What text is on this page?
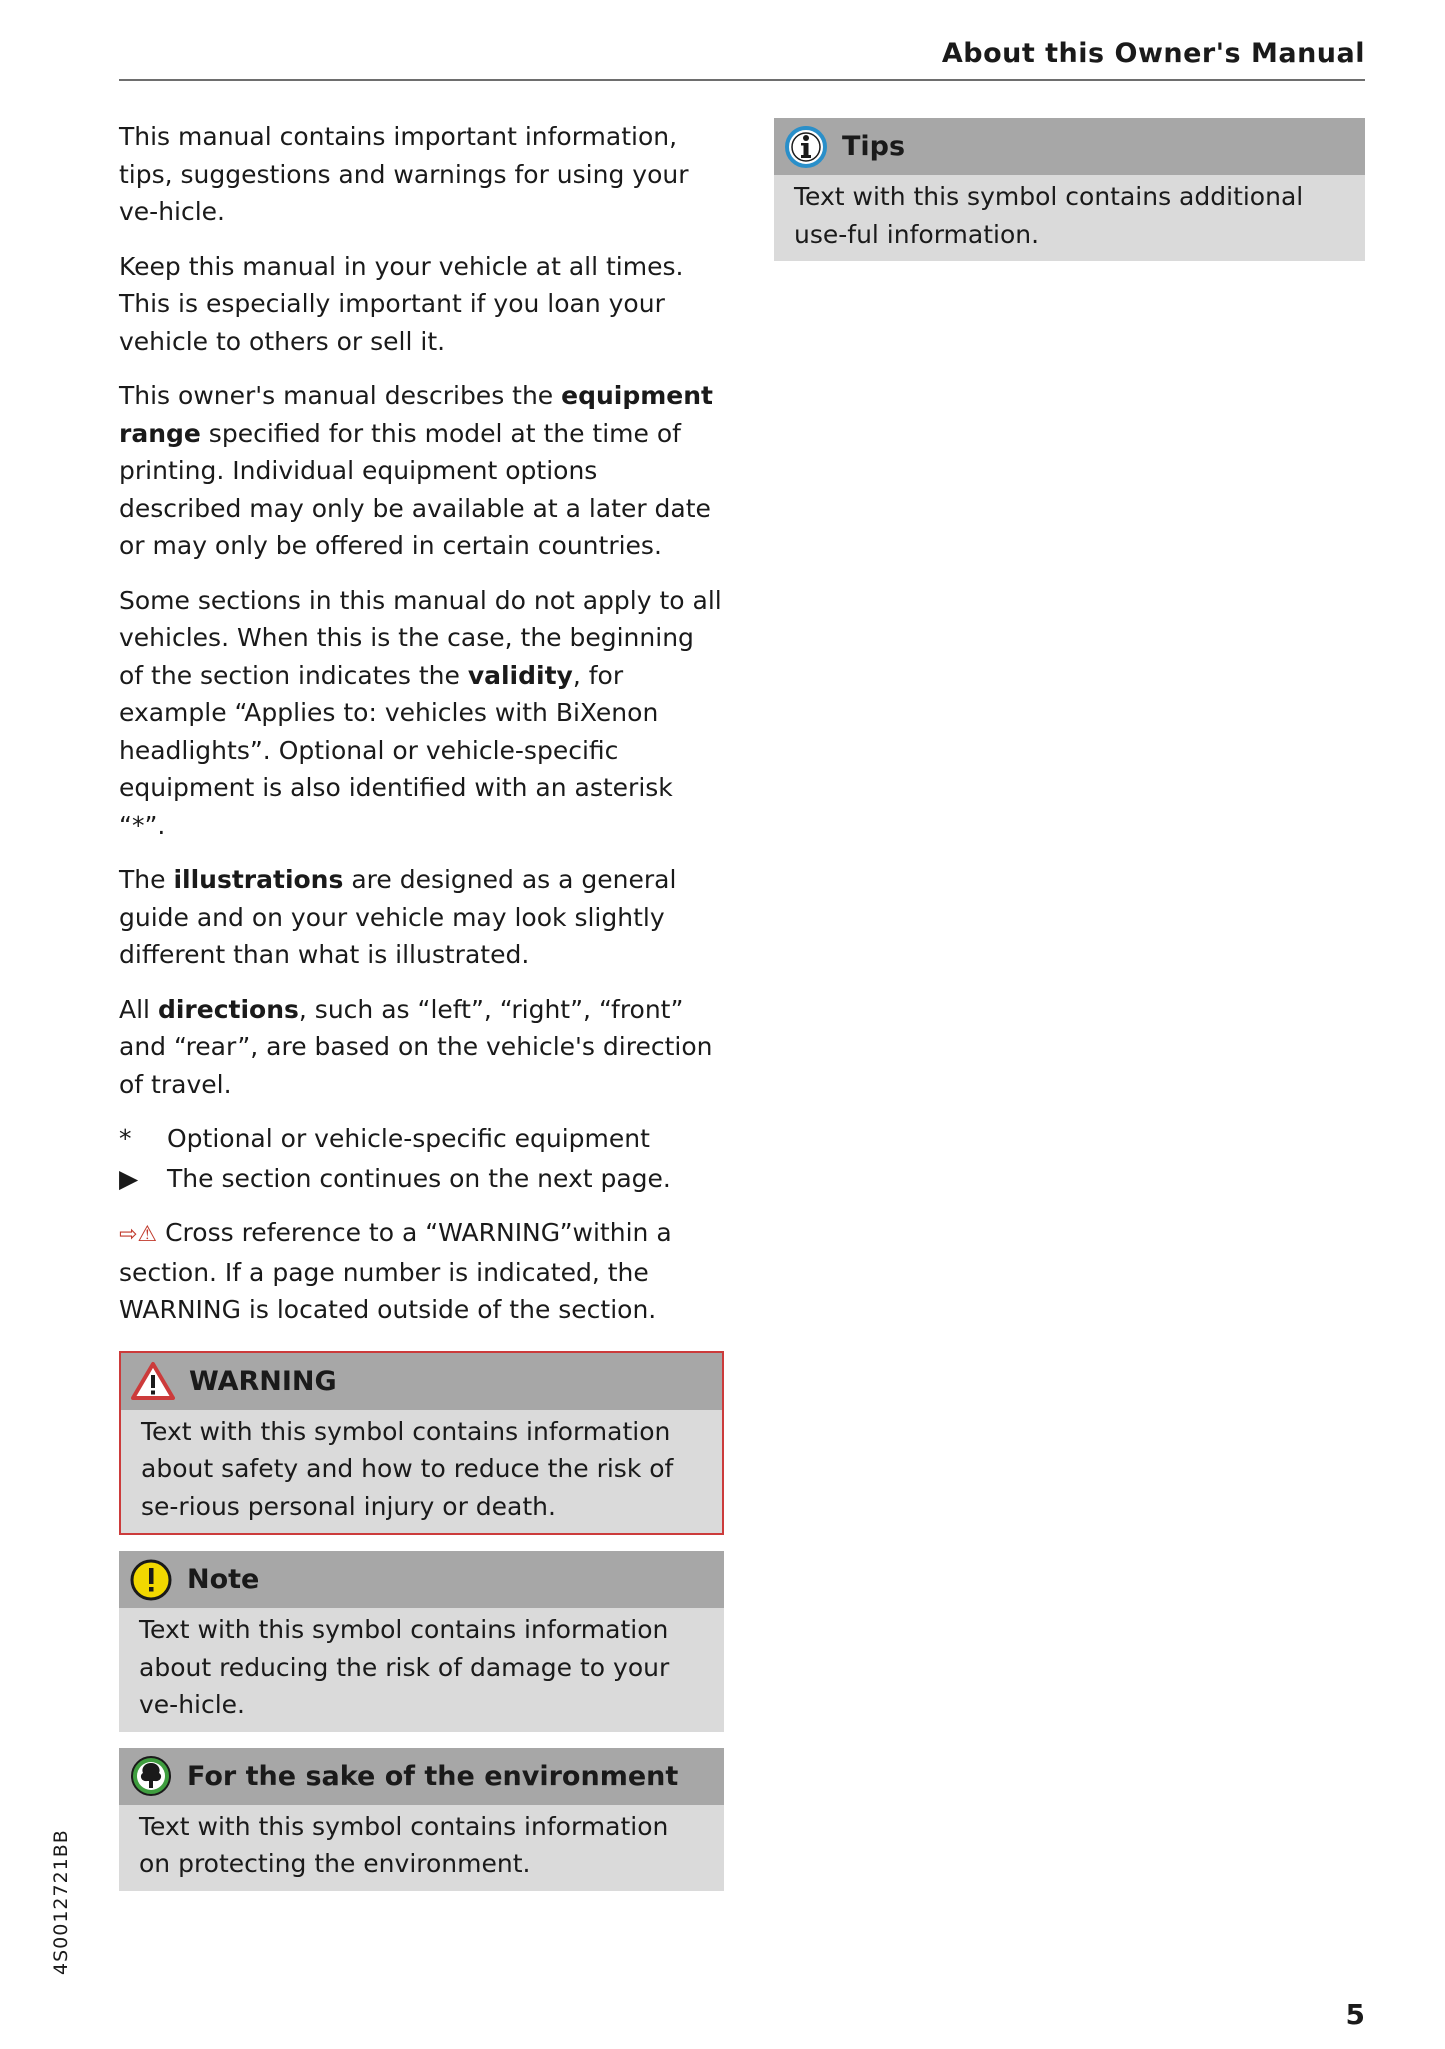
About this Owner's Manual

This manual contains important information, tips, suggestions and warnings for using your ve-hicle.

Keep this manual in your vehicle at all times. This is especially important if you loan your vehicle to others or sell it.

This owner's manual describes the equipment range specified for this model at the time of printing. Individual equipment options described may only be available at a later date or may only be offered in certain countries.

Some sections in this manual do not apply to all vehicles. When this is the case, the beginning of the section indicates the validity, for example “Applies to: vehicles with BiXenon headlights”. Optional or vehicle-specific equipment is also identified with an asterisk “*”.

The illustrations are designed as a general guide and on your vehicle may look slightly different than what is illustrated.

All directions, such as “left”, “right”, “front” and “rear”, are based on the vehicle's direction of travel.

*	Optional or vehicle-specific equipment
▶	The section continues on the next page.

⇨⚠ Cross reference to a “WARNING”within a section. If a page number is indicated, the WARNING is located outside of the section.

WARNING
Text with this symbol contains information about safety and how to reduce the risk of se-rious personal injury or death.
Note
Text with this symbol contains information about reducing the risk of damage to your ve-hicle.
For the sake of the environment
Text with this symbol contains information on protecting the environment.
Tips
Text with this symbol contains additional use-ful information.
4S0012721BB
5
